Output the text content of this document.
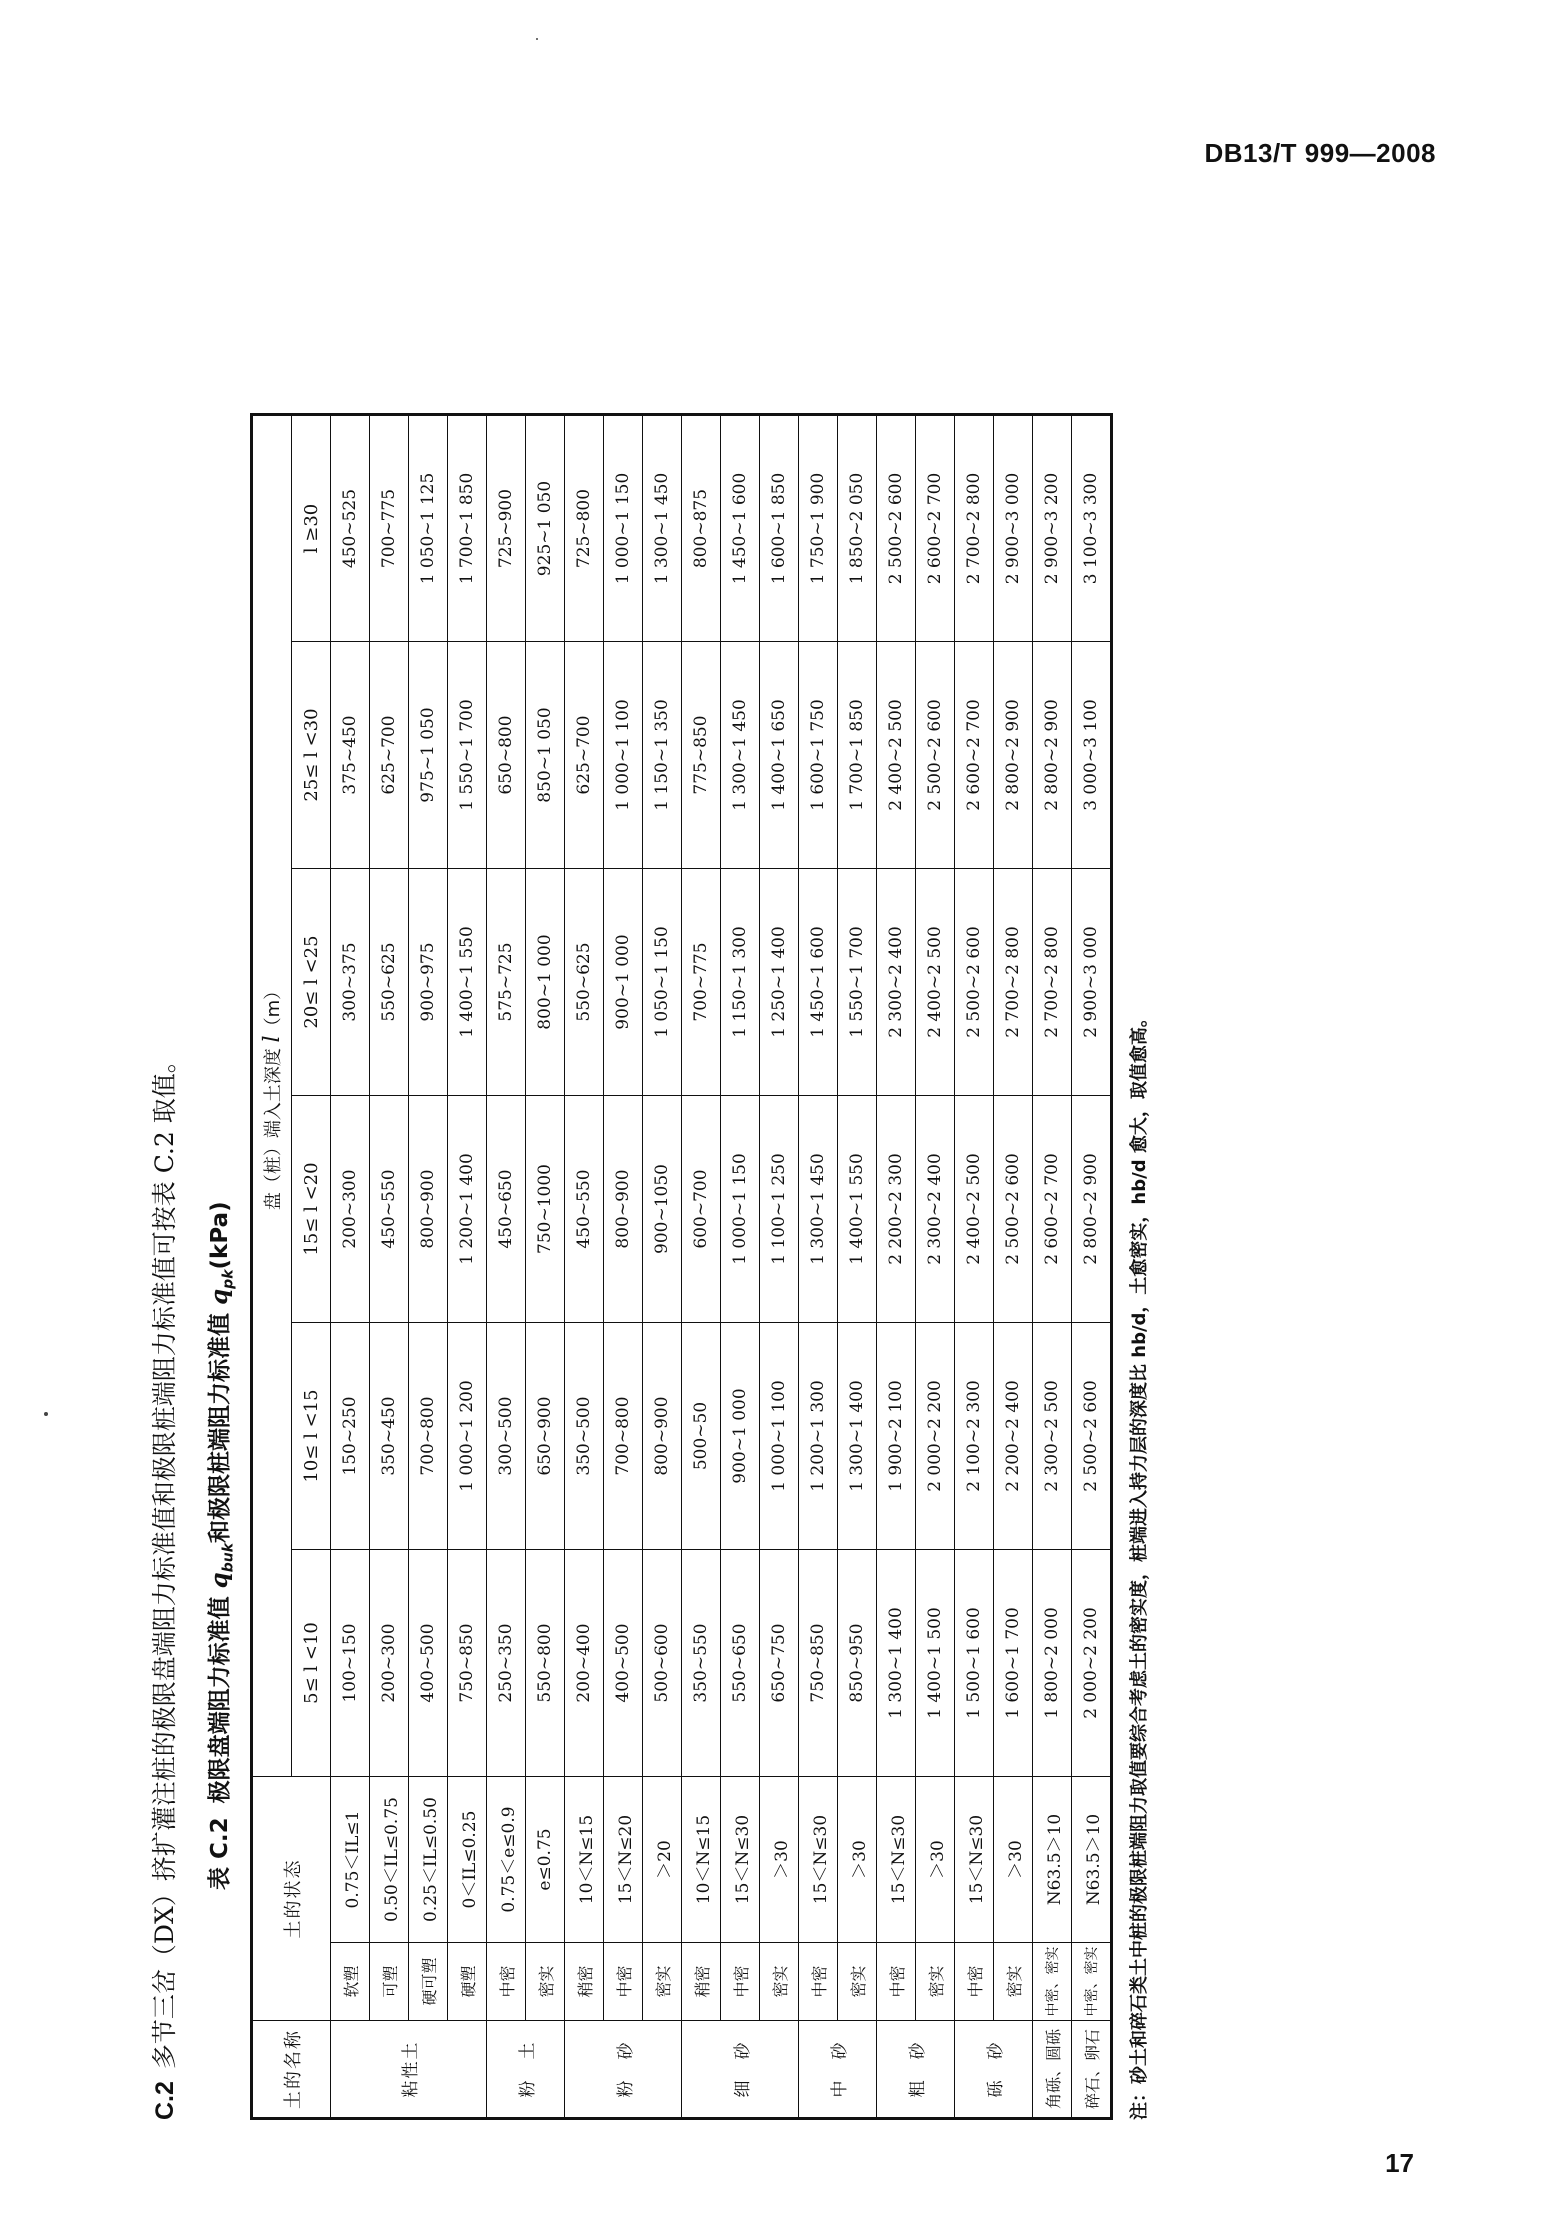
DB13/T 999—2008
C.2多节三岔（DX）挤扩灌注桩的极限盘端阻力标准值和极限桩端阻力标准值可按表 C.2 取值。	表 C.2极限盘端阻力标准值 $q_{buk}$和极限桩端阻力标准值 $q_{pk}(kPa)$
土的名称	土的状态		盘（桩）端入土深度 l（m）					
			5≤ l <10	10≤ l <15	15≤ l <20	20≤ l <25	25≤ l <30	l ≥30
粘性土	软塑	0.75＜IL≤1	100~150	150~250	200~300	300~375	375~450	450~525
	可塑	0.50＜IL≤0.75	200~300	350~450	450~550	550~625	625~700	700~775
	硬可塑	0.25＜IL≤0.50	400~500	700~800	800~900	900~975	975~1 050	1 050~1 125
	硬塑	0＜IL≤0.25	750~850	1 000~1 200	1 200~1 400	1 400~1 550	1 550~1 700	1 700~1 850
粉　土	中密	0.75＜e≤0.9	250~350	300~500	450~650	575~725	650~800	725~900
	密实	e≤0.75	550~800	650~900	750~1000	800~1 000	850~1 050	925~1 050
粉　砂	稍密	10＜N≤15	200~400	350~500	450~550	550~625	625~700	725~800
	中密	15＜N≤20	400~500	700~800	800~900	900~1 000	1 000~1 100	1 000~1 150
	密实	＞20	500~600	800~900	900~1050	1 050~1 150	1 150~1 350	1 300~1 450
细　砂	稍密	10＜N≤15	350~550	500~50	600~700	700~775	775~850	800~875
	中密	15＜N≤30	550~650	900~1 000	1 000~1 150	1 150~1 300	1 300~1 450	1 450~1 600
	密实	＞30	650~750	1 000~1 100	1 100~1 250	1 250~1 400	1 400~1 650	1 600~1 850
中　砂	中密	15＜N≤30	750~850	1 200~1 300	1 300~1 450	1 450~1 600	1 600~1 750	1 750~1 900
	密实	＞30	850~950	1 300~1 400	1 400~1 550	1 550~1 700	1 700~1 850	1 850~2 050
粗　砂	中密	15＜N≤30	1 300~1 400	1 900~2 100	2 200~2 300	2 300~2 400	2 400~2 500	2 500~2 600
	密实	＞30	1 400~1 500	2 000~2 200	2 300~2 400	2 400~2 500	2 500~2 600	2 600~2 700
砾　砂	中密	15＜N≤30	1 500~1 600	2 100~2 300	2 400~2 500	2 500~2 600	2 600~2 700	2 700~2 800
	密实	＞30	1 600~1 700	2 200~2 400	2 500~2 600	2 700~2 800	2 800~2 900	2 900~3 000
角砾、圆砾	中密、密实	N63.5＞10	1 800~2 000	2 300~2 500	2 600~2 700	2 700~2 800	2 800~2 900	2 900~3 200
碎石、卵石	中密、密实	N63.5＞10	2 000~2 200	2 500~2 600	2 800~2 900	2 900~3 000	3 000~3 100	3 100~3 300
注：砂土和碎石类土中桩的极限桩端阻力取值要综合考虑土的密实度，桩端进入持力层的深度比 hb/d，土愈密实，hb/d 愈大，取值愈高。
17
